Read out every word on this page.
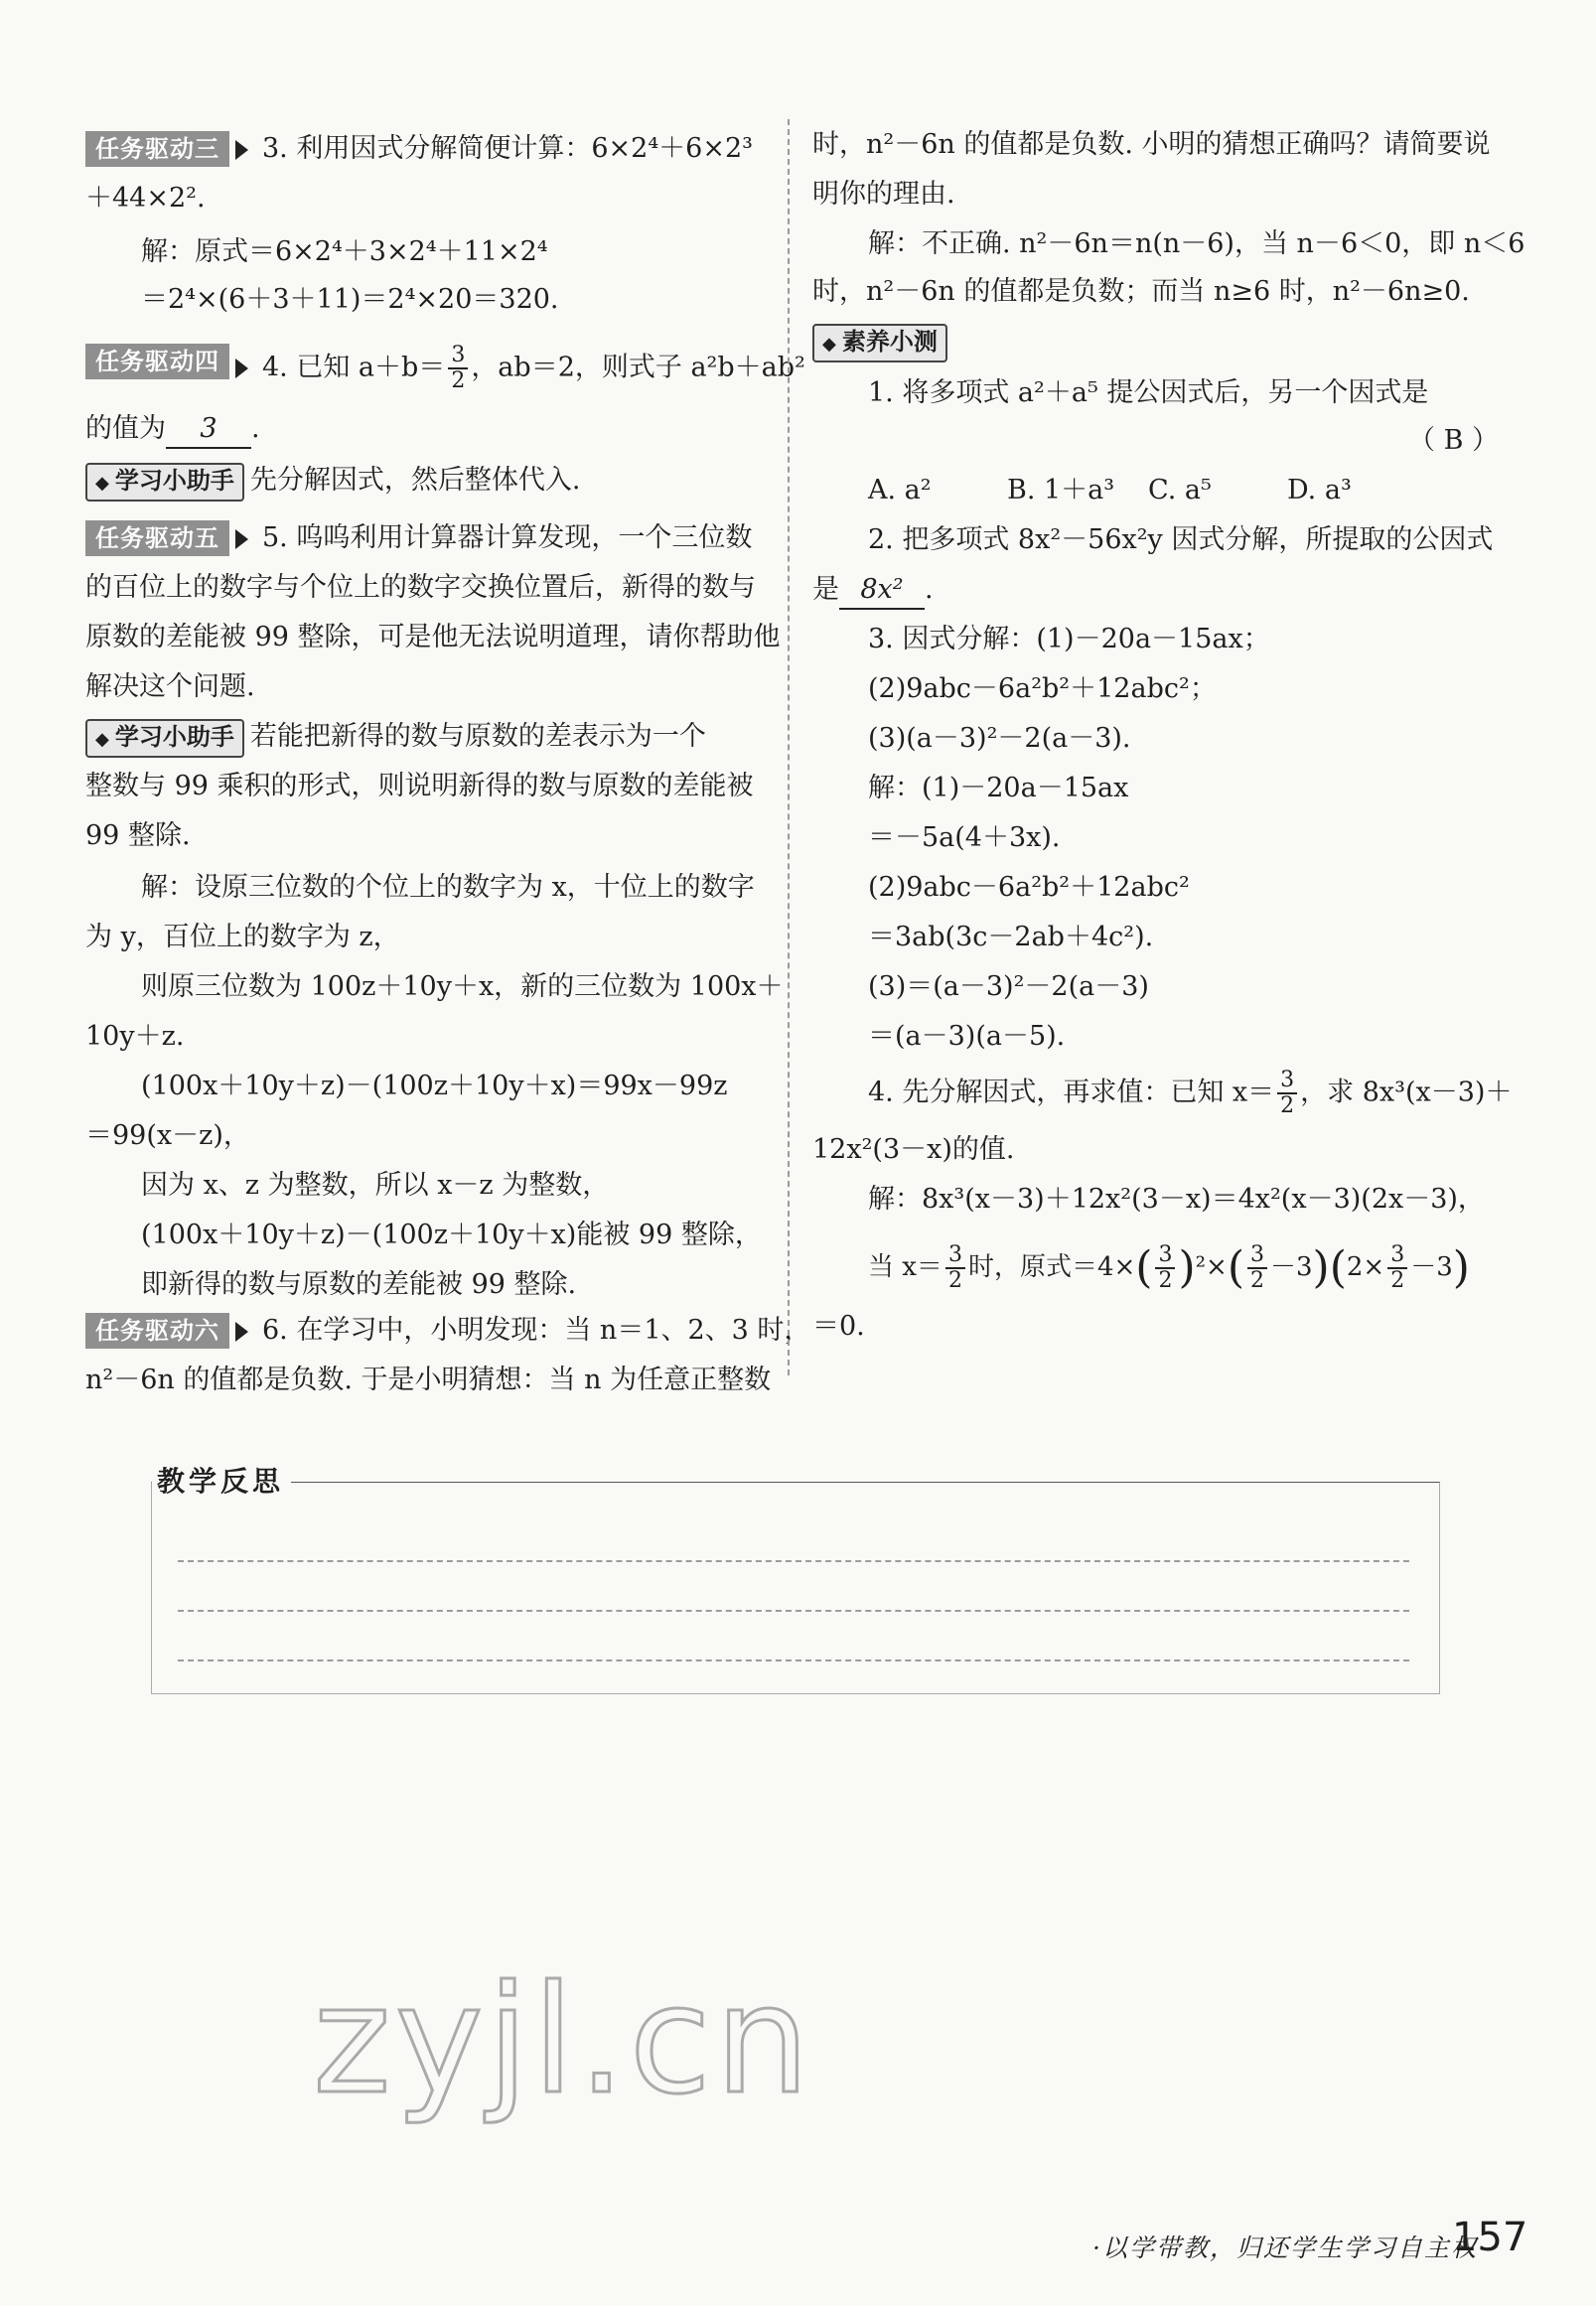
任务驱动三 3. 利用因式分解简便计算：6×2⁴＋6×2³
＋44×2².
解：原式＝6×2⁴＋3×2⁴＋11×2⁴
＝2⁴×(6＋3＋11)＝2⁴×20＝320.
任务驱动四 4. 已知 $a+b= \frac{3}{2}$ ，ab＝2，则式子 a²b＋ab²
的值为 3 .
◆ 学习小助手 先分解因式，然后整体代入.
任务驱动五 5. 呜呜利用计算器计算发现，一个三位数
的百位上的数字与个位上的数字交换位置后，新得的数与
原数的差能被 99 整除，可是他无法说明道理，请你帮助他
解决这个问题.
◆ 学习小助手 若能把新得的数与原数的差表示为一个
整数与 99 乘积的形式，则说明新得的数与原数的差能被
99 整除.
解：设原三位数的个位上的数字为 x，十位上的数字
为 y，百位上的数字为 z，
则原三位数为 100z＋10y＋x，新的三位数为 100x＋
10y＋z.
(100x＋10y＋z)－(100z＋10y＋x)＝99x－99z
＝99(x－z)，
因为 x、z 为整数，所以 x－z 为整数，
(100x＋10y＋z)－(100z＋10y＋x)能被 99 整除，
即新得的数与原数的差能被 99 整除.
任务驱动六 6. 在学习中，小明发现：当 n＝1、2、3 时，
n²－6n 的值都是负数. 于是小明猜想：当 n 为任意正整数
时，n²－6n 的值都是负数. 小明的猜想正确吗？请简要说
明你的理由.
解：不正确. n²－6n＝n(n－6)，当 n－6＜0，即 n＜6
时，n²－6n 的值都是负数；而当 n≥6 时，n²－6n≥0.
◆ 素养小测
1. 将多项式 a²＋a⁵ 提公因式后，另一个因式是
（ B ）
A. a²	B. 1＋a³ C. a⁵	D. a³
2. 把多项式 8x²－56x²y 因式分解，所提取的公因式
是 8x² .
3. 因式分解：(1)－20a－15ax；
(2)9abc－6a²b²＋12abc²；
(3)(a－3)²－2(a－3).
解：(1)－20a－15ax
＝－5a(4＋3x).
(2)9abc－6a²b²＋12abc²
＝3ab(3c－2ab＋4c²).
(3)＝(a－3)²－2(a－3)
＝(a－3)(a－5).
4. 先分解因式，再求值：已知 $x= \frac{3}{2}$ ，求 8x³(x－3)＋
12x²(3－x)的值.
解：8x³(x－3)＋12x²(3－x)＝4x²(x－3)(2x－3)，
当 $x= \frac{3}{2}$ 时，原式$=4\times( \frac{3}{2} )^2\times( \frac{3}{2} -3)(2\times \frac{3}{2} -3)$
＝0.
教学反思
zyjl.cn
·以学带教，归还学生学习自主权·
157
